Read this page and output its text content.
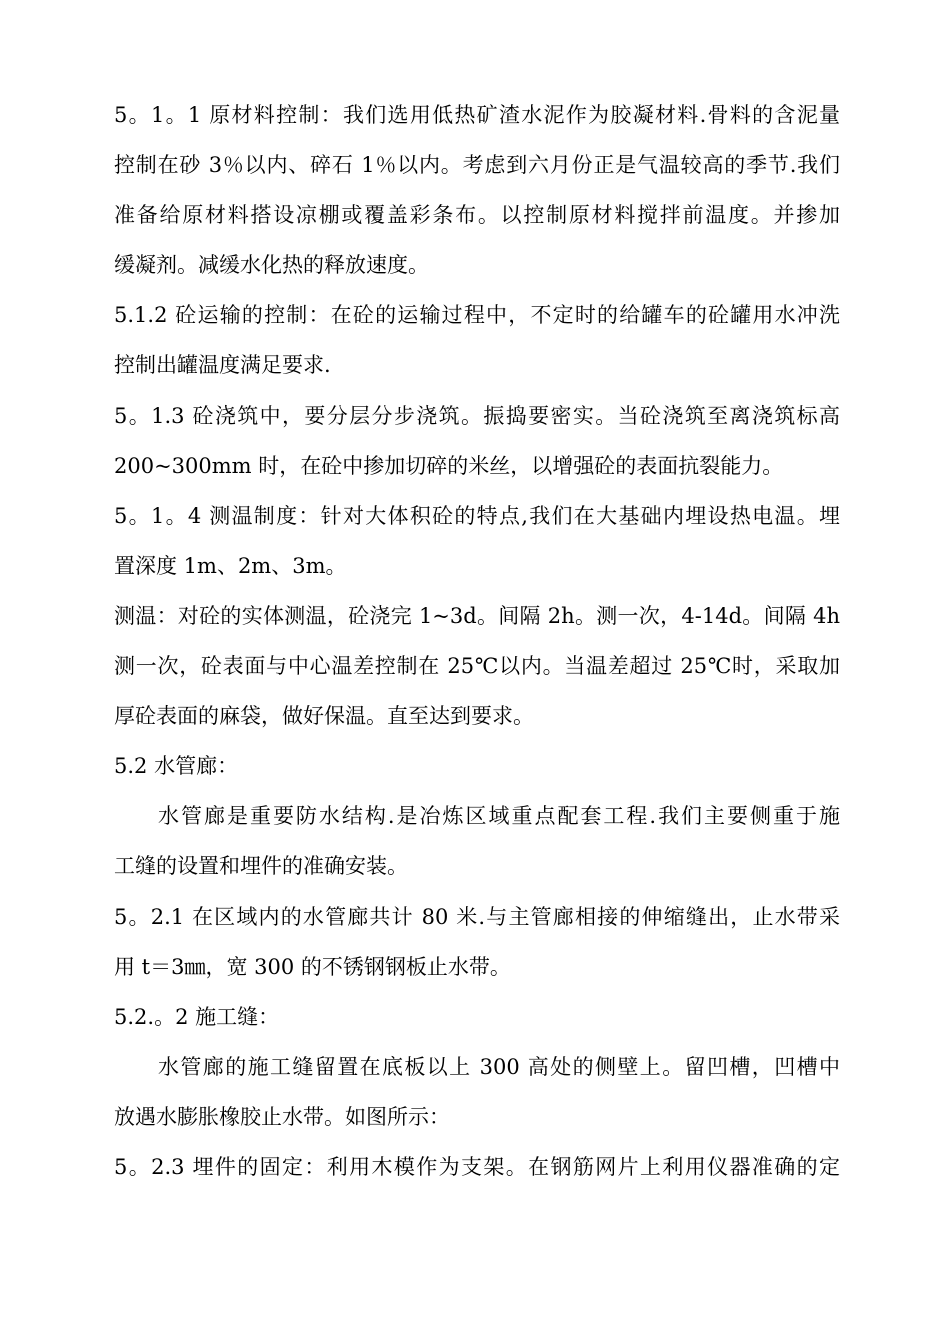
5。1。1 原材料控制：我们选用低热矿渣水泥作为胶凝材料.骨料的含泥量
控制在砂 3％以内、碎石 1％以内。考虑到六月份正是气温较高的季节.我们
准备给原材料搭设凉棚或覆盖彩条布。以控制原材料搅拌前温度。并掺加
缓凝剂。减缓水化热的释放速度。
5.1.2 砼运输的控制：在砼的运输过程中，不定时的给罐车的砼罐用水冲洗
控制出罐温度满足要求.
5。1.3 砼浇筑中，要分层分步浇筑。振捣要密实。当砼浇筑至离浇筑标高
200~300mm 时，在砼中掺加切碎的米丝，以增强砼的表面抗裂能力。
5。1。4 测温制度：针对大体积砼的特点,我们在大基础内埋设热电温。埋
置深度 1m、2m、3m。
测温：对砼的实体测温，砼浇完 1~3d。间隔 2h。测一次，4-14d。间隔 4h
测一次，砼表面与中心温差控制在 25℃以内。当温差超过 25℃时，采取加
厚砼表面的麻袋，做好保温。直至达到要求。
5.2 水管廊：
水管廊是重要防水结构.是冶炼区域重点配套工程.我们主要侧重于施
工缝的设置和埋件的准确安装。
5。2.1 在区域内的水管廊共计 80 米.与主管廊相接的伸缩缝出，止水带采
用 t＝3㎜，宽 300 的不锈钢钢板止水带。
5.2.。2 施工缝：
水管廊的施工缝留置在底板以上 300 高处的侧壁上。留凹槽，凹槽中
放遇水膨胀橡胶止水带。如图所示：
5。2.3 埋件的固定：利用木模作为支架。在钢筋网片上利用仪器准确的定
